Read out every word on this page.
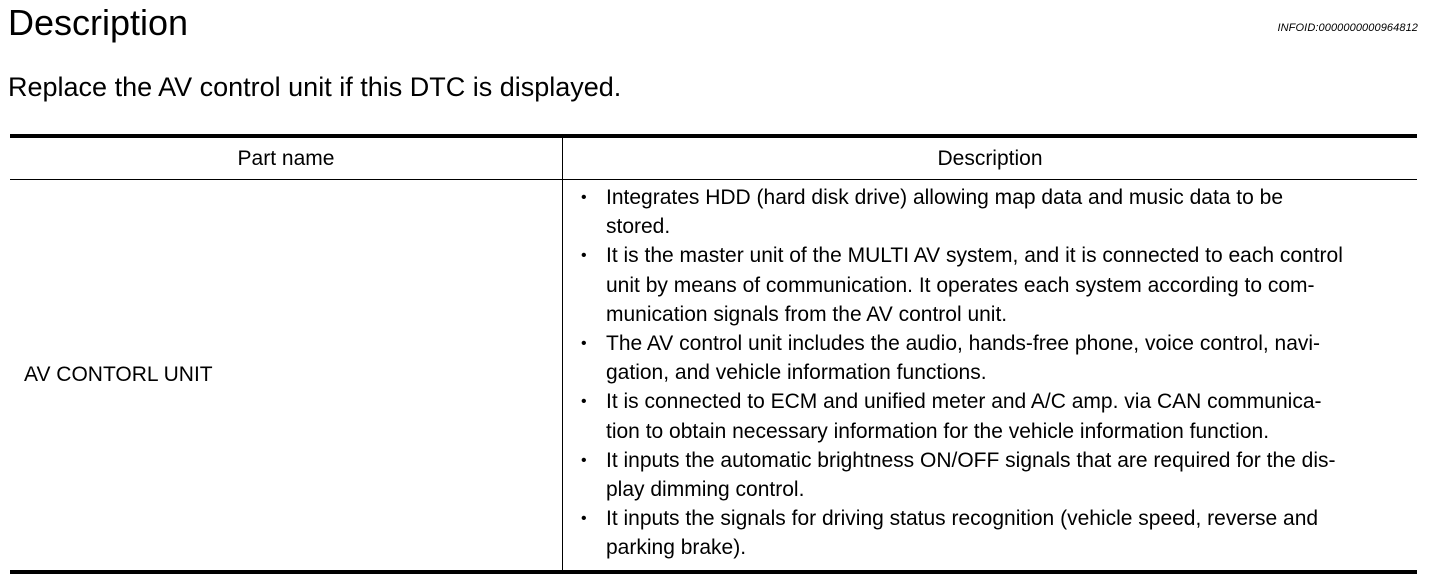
Description	INFOID:0000000000964812
Replace the AV control unit if this DTC is displayed.
Part name	Description
AV CONTORL UNIT
• Integrates HDD (hard disk drive) allowing map data and music data to be
stored.
• It is the master unit of the MULTI AV system, and it is connected to each control
unit by means of communication. It operates each system according to com-
munication signals from the AV control unit.
• The AV control unit includes the audio, hands-free phone, voice control, navi-
gation, and vehicle information functions.
• It is connected to ECM and unified meter and A/C amp. via CAN communica-
tion to obtain necessary information for the vehicle information function.
• It inputs the automatic brightness ON/OFF signals that are required for the dis-
play dimming control.
• It inputs the signals for driving status recognition (vehicle speed, reverse and
parking brake).
